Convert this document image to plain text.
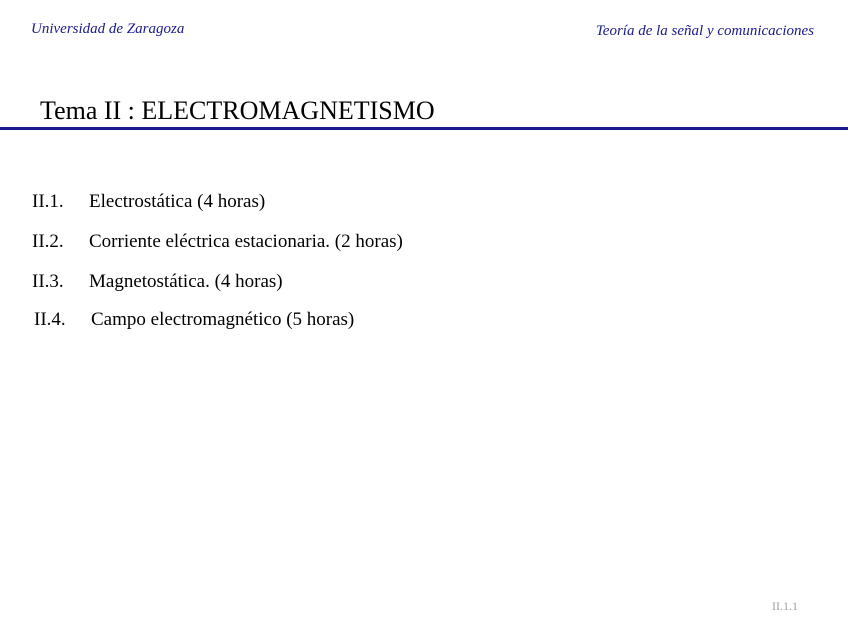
Universidad de Zaragoza	Teoría de la señal y comunicaciones
Tema II : ELECTROMAGNETISMO
II.1. Electrostática (4 horas)
II.2. Corriente eléctrica estacionaria. (2 horas)
II.3. Magnetostática. (4 horas)
II.4. Campo electromagnético (5 horas)
II.1.1
